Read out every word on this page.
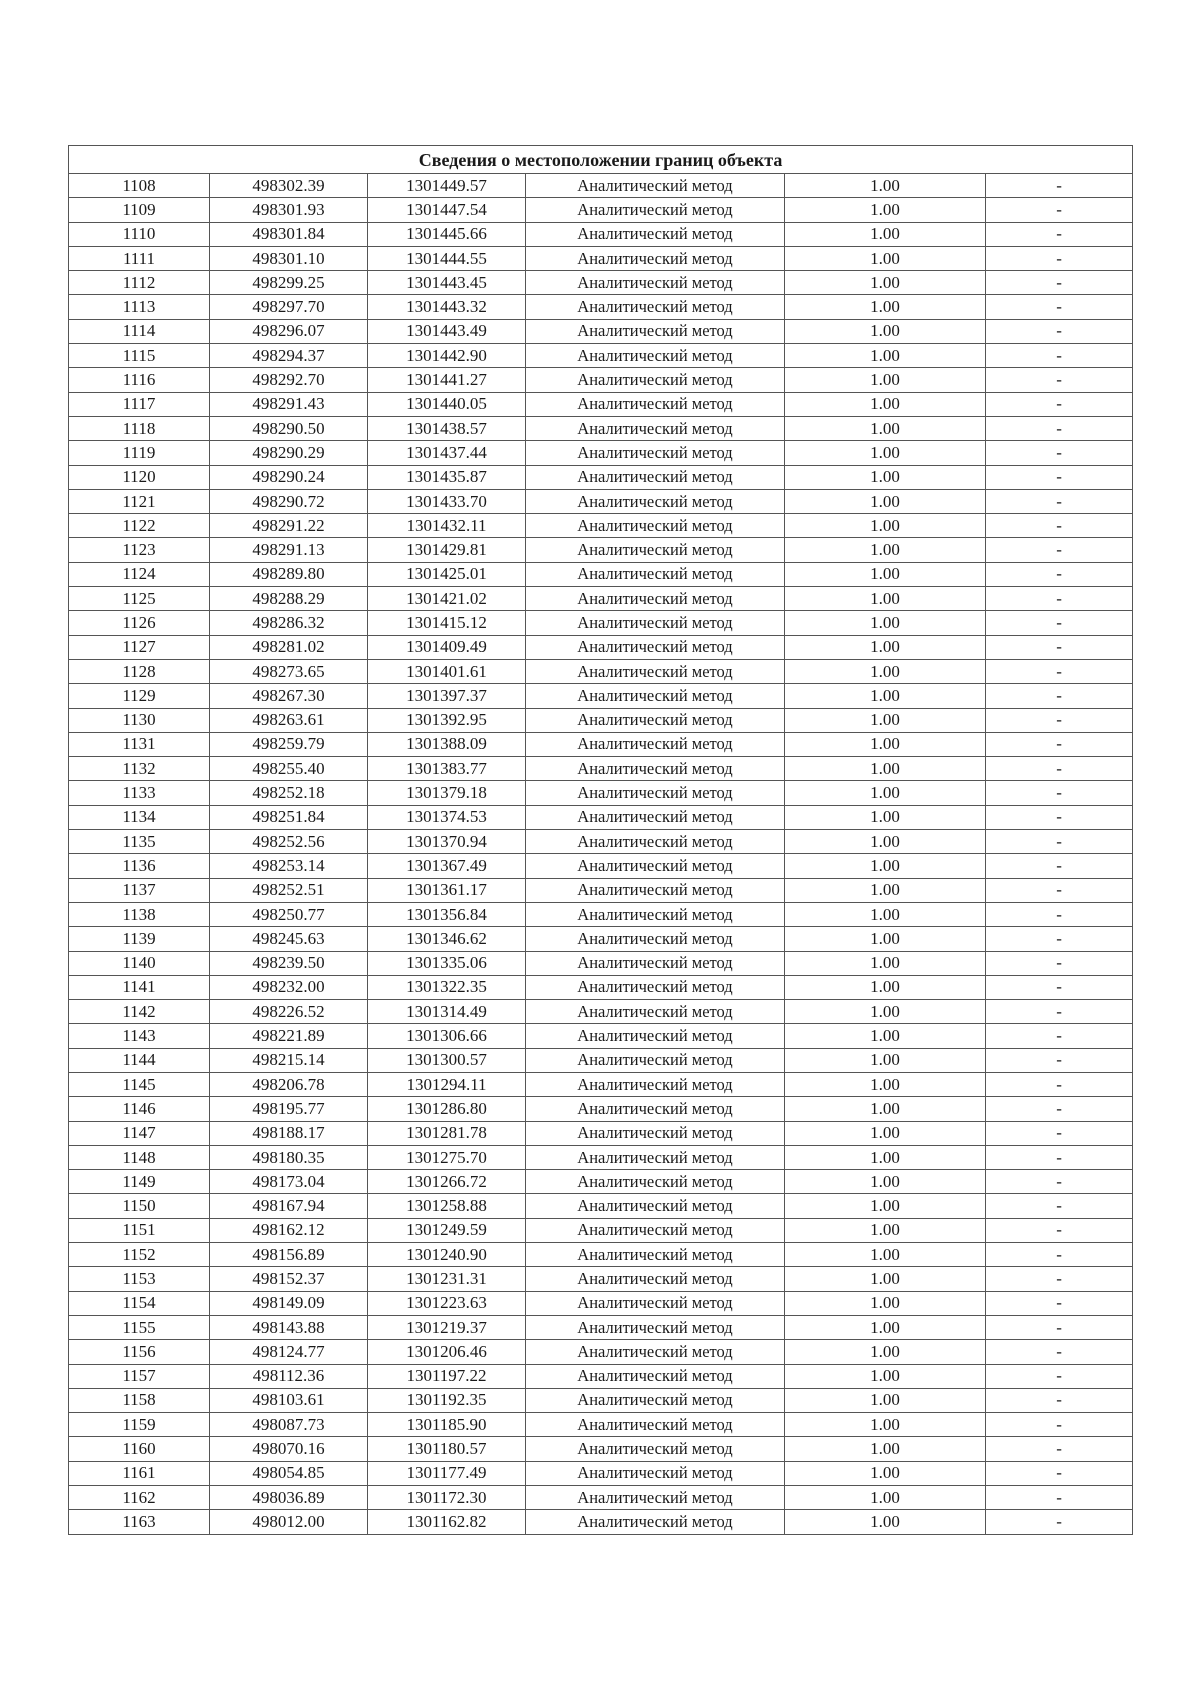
Сведения о местоположении границ объекта					
1108	498302.39	1301449.57	Аналитический метод	1.00	-
1109	498301.93	1301447.54	Аналитический метод	1.00	-
1110	498301.84	1301445.66	Аналитический метод	1.00	-
1111	498301.10	1301444.55	Аналитический метод	1.00	-
1112	498299.25	1301443.45	Аналитический метод	1.00	-
1113	498297.70	1301443.32	Аналитический метод	1.00	-
1114	498296.07	1301443.49	Аналитический метод	1.00	-
1115	498294.37	1301442.90	Аналитический метод	1.00	-
1116	498292.70	1301441.27	Аналитический метод	1.00	-
1117	498291.43	1301440.05	Аналитический метод	1.00	-
1118	498290.50	1301438.57	Аналитический метод	1.00	-
1119	498290.29	1301437.44	Аналитический метод	1.00	-
1120	498290.24	1301435.87	Аналитический метод	1.00	-
1121	498290.72	1301433.70	Аналитический метод	1.00	-
1122	498291.22	1301432.11	Аналитический метод	1.00	-
1123	498291.13	1301429.81	Аналитический метод	1.00	-
1124	498289.80	1301425.01	Аналитический метод	1.00	-
1125	498288.29	1301421.02	Аналитический метод	1.00	-
1126	498286.32	1301415.12	Аналитический метод	1.00	-
1127	498281.02	1301409.49	Аналитический метод	1.00	-
1128	498273.65	1301401.61	Аналитический метод	1.00	-
1129	498267.30	1301397.37	Аналитический метод	1.00	-
1130	498263.61	1301392.95	Аналитический метод	1.00	-
1131	498259.79	1301388.09	Аналитический метод	1.00	-
1132	498255.40	1301383.77	Аналитический метод	1.00	-
1133	498252.18	1301379.18	Аналитический метод	1.00	-
1134	498251.84	1301374.53	Аналитический метод	1.00	-
1135	498252.56	1301370.94	Аналитический метод	1.00	-
1136	498253.14	1301367.49	Аналитический метод	1.00	-
1137	498252.51	1301361.17	Аналитический метод	1.00	-
1138	498250.77	1301356.84	Аналитический метод	1.00	-
1139	498245.63	1301346.62	Аналитический метод	1.00	-
1140	498239.50	1301335.06	Аналитический метод	1.00	-
1141	498232.00	1301322.35	Аналитический метод	1.00	-
1142	498226.52	1301314.49	Аналитический метод	1.00	-
1143	498221.89	1301306.66	Аналитический метод	1.00	-
1144	498215.14	1301300.57	Аналитический метод	1.00	-
1145	498206.78	1301294.11	Аналитический метод	1.00	-
1146	498195.77	1301286.80	Аналитический метод	1.00	-
1147	498188.17	1301281.78	Аналитический метод	1.00	-
1148	498180.35	1301275.70	Аналитический метод	1.00	-
1149	498173.04	1301266.72	Аналитический метод	1.00	-
1150	498167.94	1301258.88	Аналитический метод	1.00	-
1151	498162.12	1301249.59	Аналитический метод	1.00	-
1152	498156.89	1301240.90	Аналитический метод	1.00	-
1153	498152.37	1301231.31	Аналитический метод	1.00	-
1154	498149.09	1301223.63	Аналитический метод	1.00	-
1155	498143.88	1301219.37	Аналитический метод	1.00	-
1156	498124.77	1301206.46	Аналитический метод	1.00	-
1157	498112.36	1301197.22	Аналитический метод	1.00	-
1158	498103.61	1301192.35	Аналитический метод	1.00	-
1159	498087.73	1301185.90	Аналитический метод	1.00	-
1160	498070.16	1301180.57	Аналитический метод	1.00	-
1161	498054.85	1301177.49	Аналитический метод	1.00	-
1162	498036.89	1301172.30	Аналитический метод	1.00	-
1163	498012.00	1301162.82	Аналитический метод	1.00	-
